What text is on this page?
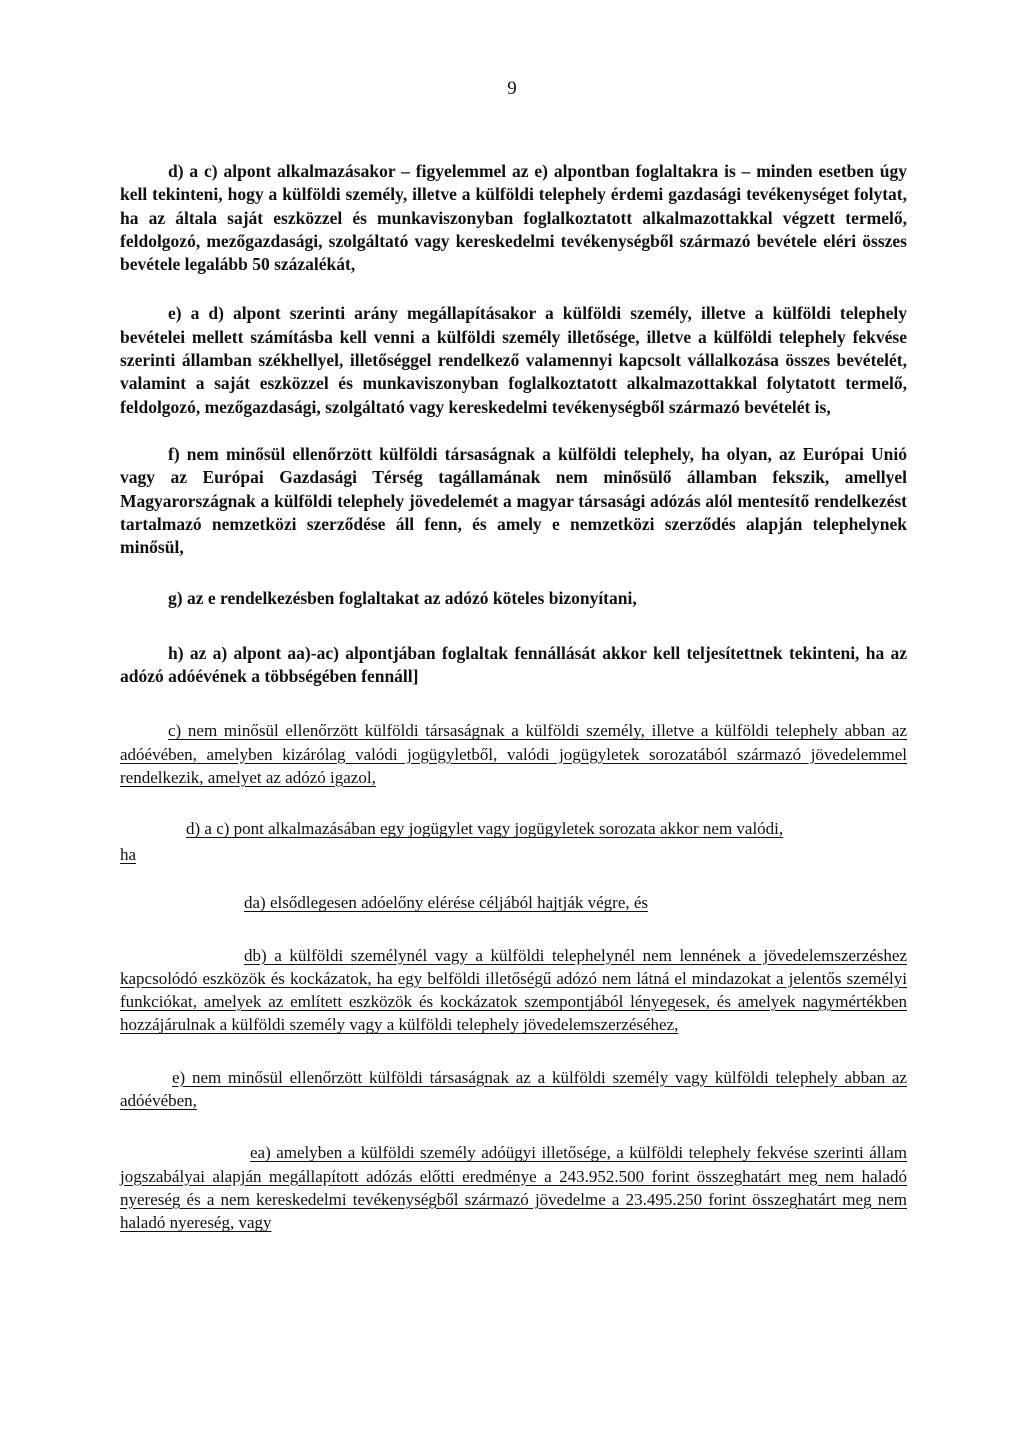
9

d) a c) alpont alkalmazásakor – figyelemmel az e) alpontban foglaltakra is – minden esetben úgy kell tekinteni, hogy a külföldi személy, illetve a külföldi telephely érdemi gazdasági tevékenységet folytat, ha az általa saját eszközzel és munkaviszonyban foglalkoztatott alkalmazottakkal végzett termelő, feldolgozó, mezőgazdasági, szolgáltató vagy kereskedelmi tevékenységből származó bevétele eléri összes bevétele legalább 50 százalékát,

e) a d) alpont szerinti arány megállapításakor a külföldi személy, illetve a külföldi telephely bevételei mellett számításba kell venni a külföldi személy illetősége, illetve a külföldi telephely fekvése szerinti államban székhellyel, illetőséggel rendelkező valamennyi kapcsolt vállalkozása összes bevételét, valamint a saját eszközzel és munkaviszonyban foglalkoztatott alkalmazottakkal folytatott termelő, feldolgozó, mezőgazdasági, szolgáltató vagy kereskedelmi tevékenységből származó bevételét is,

f) nem minősül ellenőrzött külföldi társaságnak a külföldi telephely, ha olyan, az Európai Unió vagy az Európai Gazdasági Térség tagállamának nem minősülő államban fekszik, amellyel Magyarországnak a külföldi telephely jövedelemét a magyar társasági adózás alól mentesítő rendelkezést tartalmazó nemzetközi szerződése áll fenn, és amely e nemzetközi szerződés alapján telephelynek minősül,

g) az e rendelkezésben foglaltakat az adózó köteles bizonyítani,

h) az a) alpont aa)-ac) alpontjában foglaltak fennállását akkor kell teljesítettnek tekinteni, ha az adózó adóévének a többségében fennáll]

c) nem minősül ellenőrzött külföldi társaságnak a külföldi személy, illetve a külföldi telephely abban az adóévében, amelyben kizárólag valódi jogügyletből, valódi jogügyletek sorozatából származó jövedelemmel rendelkezik, amelyet az adózó igazol,

d) a c) pont alkalmazásában egy jogügylet vagy jogügyletek sorozata akkor nem valódi,
ha

da) elsődlegesen adóelőny elérése céljából hajtják végre, és

db) a külföldi személynél vagy a külföldi telephelynél nem lennének a jövedelemszerzéshez kapcsolódó eszközök és kockázatok, ha egy belföldi illetőségű adózó nem látná el mindazokat a jelentős személyi funkciókat, amelyek az említett eszközök és kockázatok szempontjából lényegesek, és amelyek nagymértékben hozzájárulnak a külföldi személy vagy a külföldi telephely jövedelemszerzéséhez,

e) nem minősül ellenőrzött külföldi társaságnak az a külföldi személy vagy külföldi telephely abban az adóévében,

ea) amelyben a külföldi személy adóügyi illetősége, a külföldi telephely fekvése szerinti állam jogszabályai alapján megállapított adózás előtti eredménye a 243.952.500 forint összeghatárt meg nem haladó nyereség és a nem kereskedelmi tevékenységből származó jövedelme a 23.495.250 forint összeghatárt meg nem haladó nyereség, vagy
